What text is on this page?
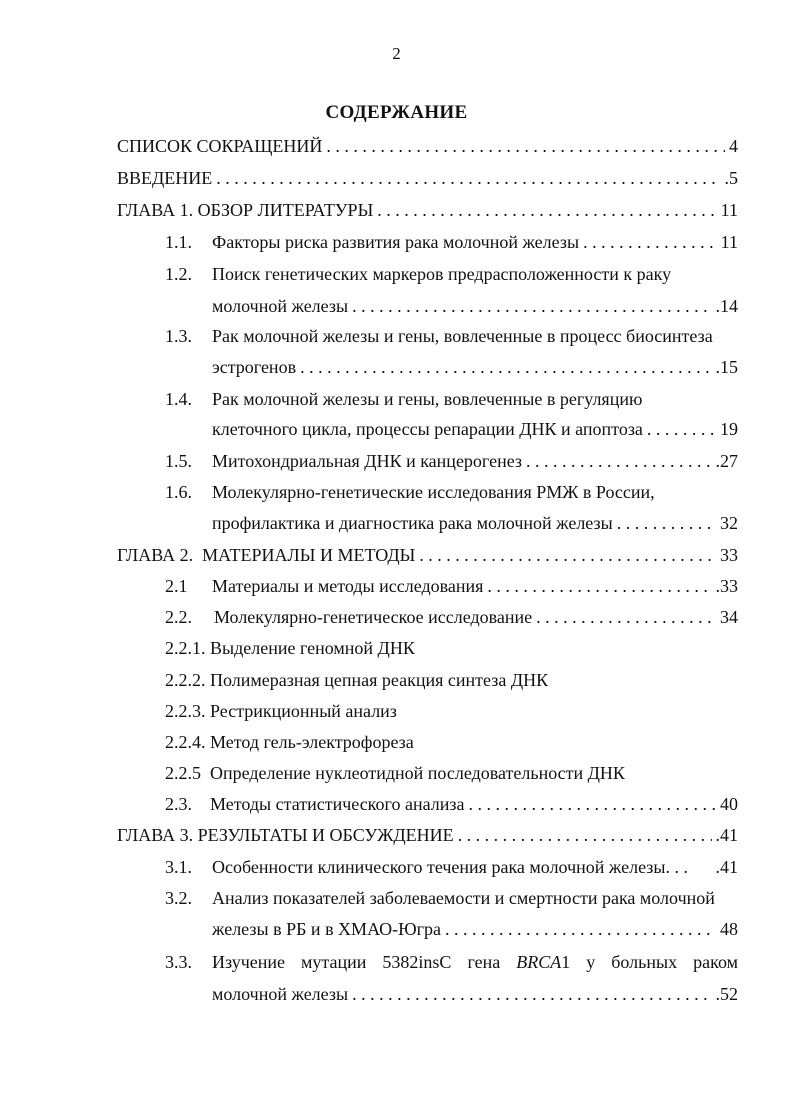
2
СОДЕРЖАНИЕ
СПИСОК СОКРАЩЕНИЙ . . .	4
ВВЕДЕНИЕ . . .	.5
ГЛАВА 1. ОБЗОР ЛИТЕРАТУРЫ . . .	11
1.1. Факторы риска развития рака молочной железы . . .	11
1.2. Поиск генетических маркеров предрасположенности к раку
молочной железы . . .	.14
1.3. Рак молочной железы и гены, вовлеченные в процесс биосинтеза
эстрогенов . . .	.15
1.4. Рак молочной железы и гены, вовлеченные в регуляцию
клеточного цикла, процессы репарации ДНК и апоптоза . . .	19
1.5. Митохондриальная ДНК и канцерогенез . . .	.27
1.6. Молекулярно-генетические исследования РМЖ в России,
профилактика и диагностика рака молочной железы . . .	32
ГЛАВА 2.  МАТЕРИАЛЫ И МЕТОДЫ . . .	33
2.1 Материалы и методы исследования . . .	.33
2.2. Молекулярно-генетическое исследование . . .	34
2.2.1.
Выделение геномной ДНК
2.2.2.
Полимеразная цепная реакция синтеза ДНК
2.2.3.
Рестрикционный анализ
2.2.4.
Метод гель-электрофореза
2.2.5
Определение нуклеотидной последовательности ДНК
2.3. Методы статистического анализа . . .	40
ГЛАВА 3. РЕЗУЛЬТАТЫ И ОБСУЖДЕНИЕ . . .	.41
3.1. Особенности клинического течения рака молочной железы. . . .41
3.2. Анализ показателей заболеваемости и смертности рака молочной
железы в РБ и в ХМАО-Югра . . .	48
3.3. Изучение мутации 5382insC гена BRCA1 у больных раком
молочной железы . . .	.52
